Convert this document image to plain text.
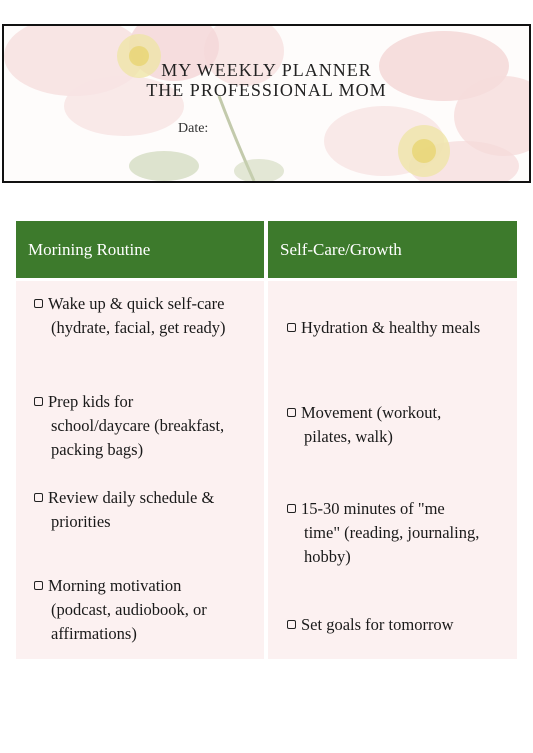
MY WEEKLY PLANNER
THE PROFESSIONAL MOM
Date:
Morining Routine	Self-Care/Growth
Wake up & quick self-care
(hydrate, facial, get ready)
Prep kids for
school/daycare (breakfast,
packing bags)
Review daily schedule &
priorities
Morning motivation
(podcast, audiobook, or
affirmations)
Hydration & healthy meals
Movement (workout,
pilates, walk)
15-30 minutes of "me
time" (reading, journaling,
hobby)
Set goals for tomorrow
